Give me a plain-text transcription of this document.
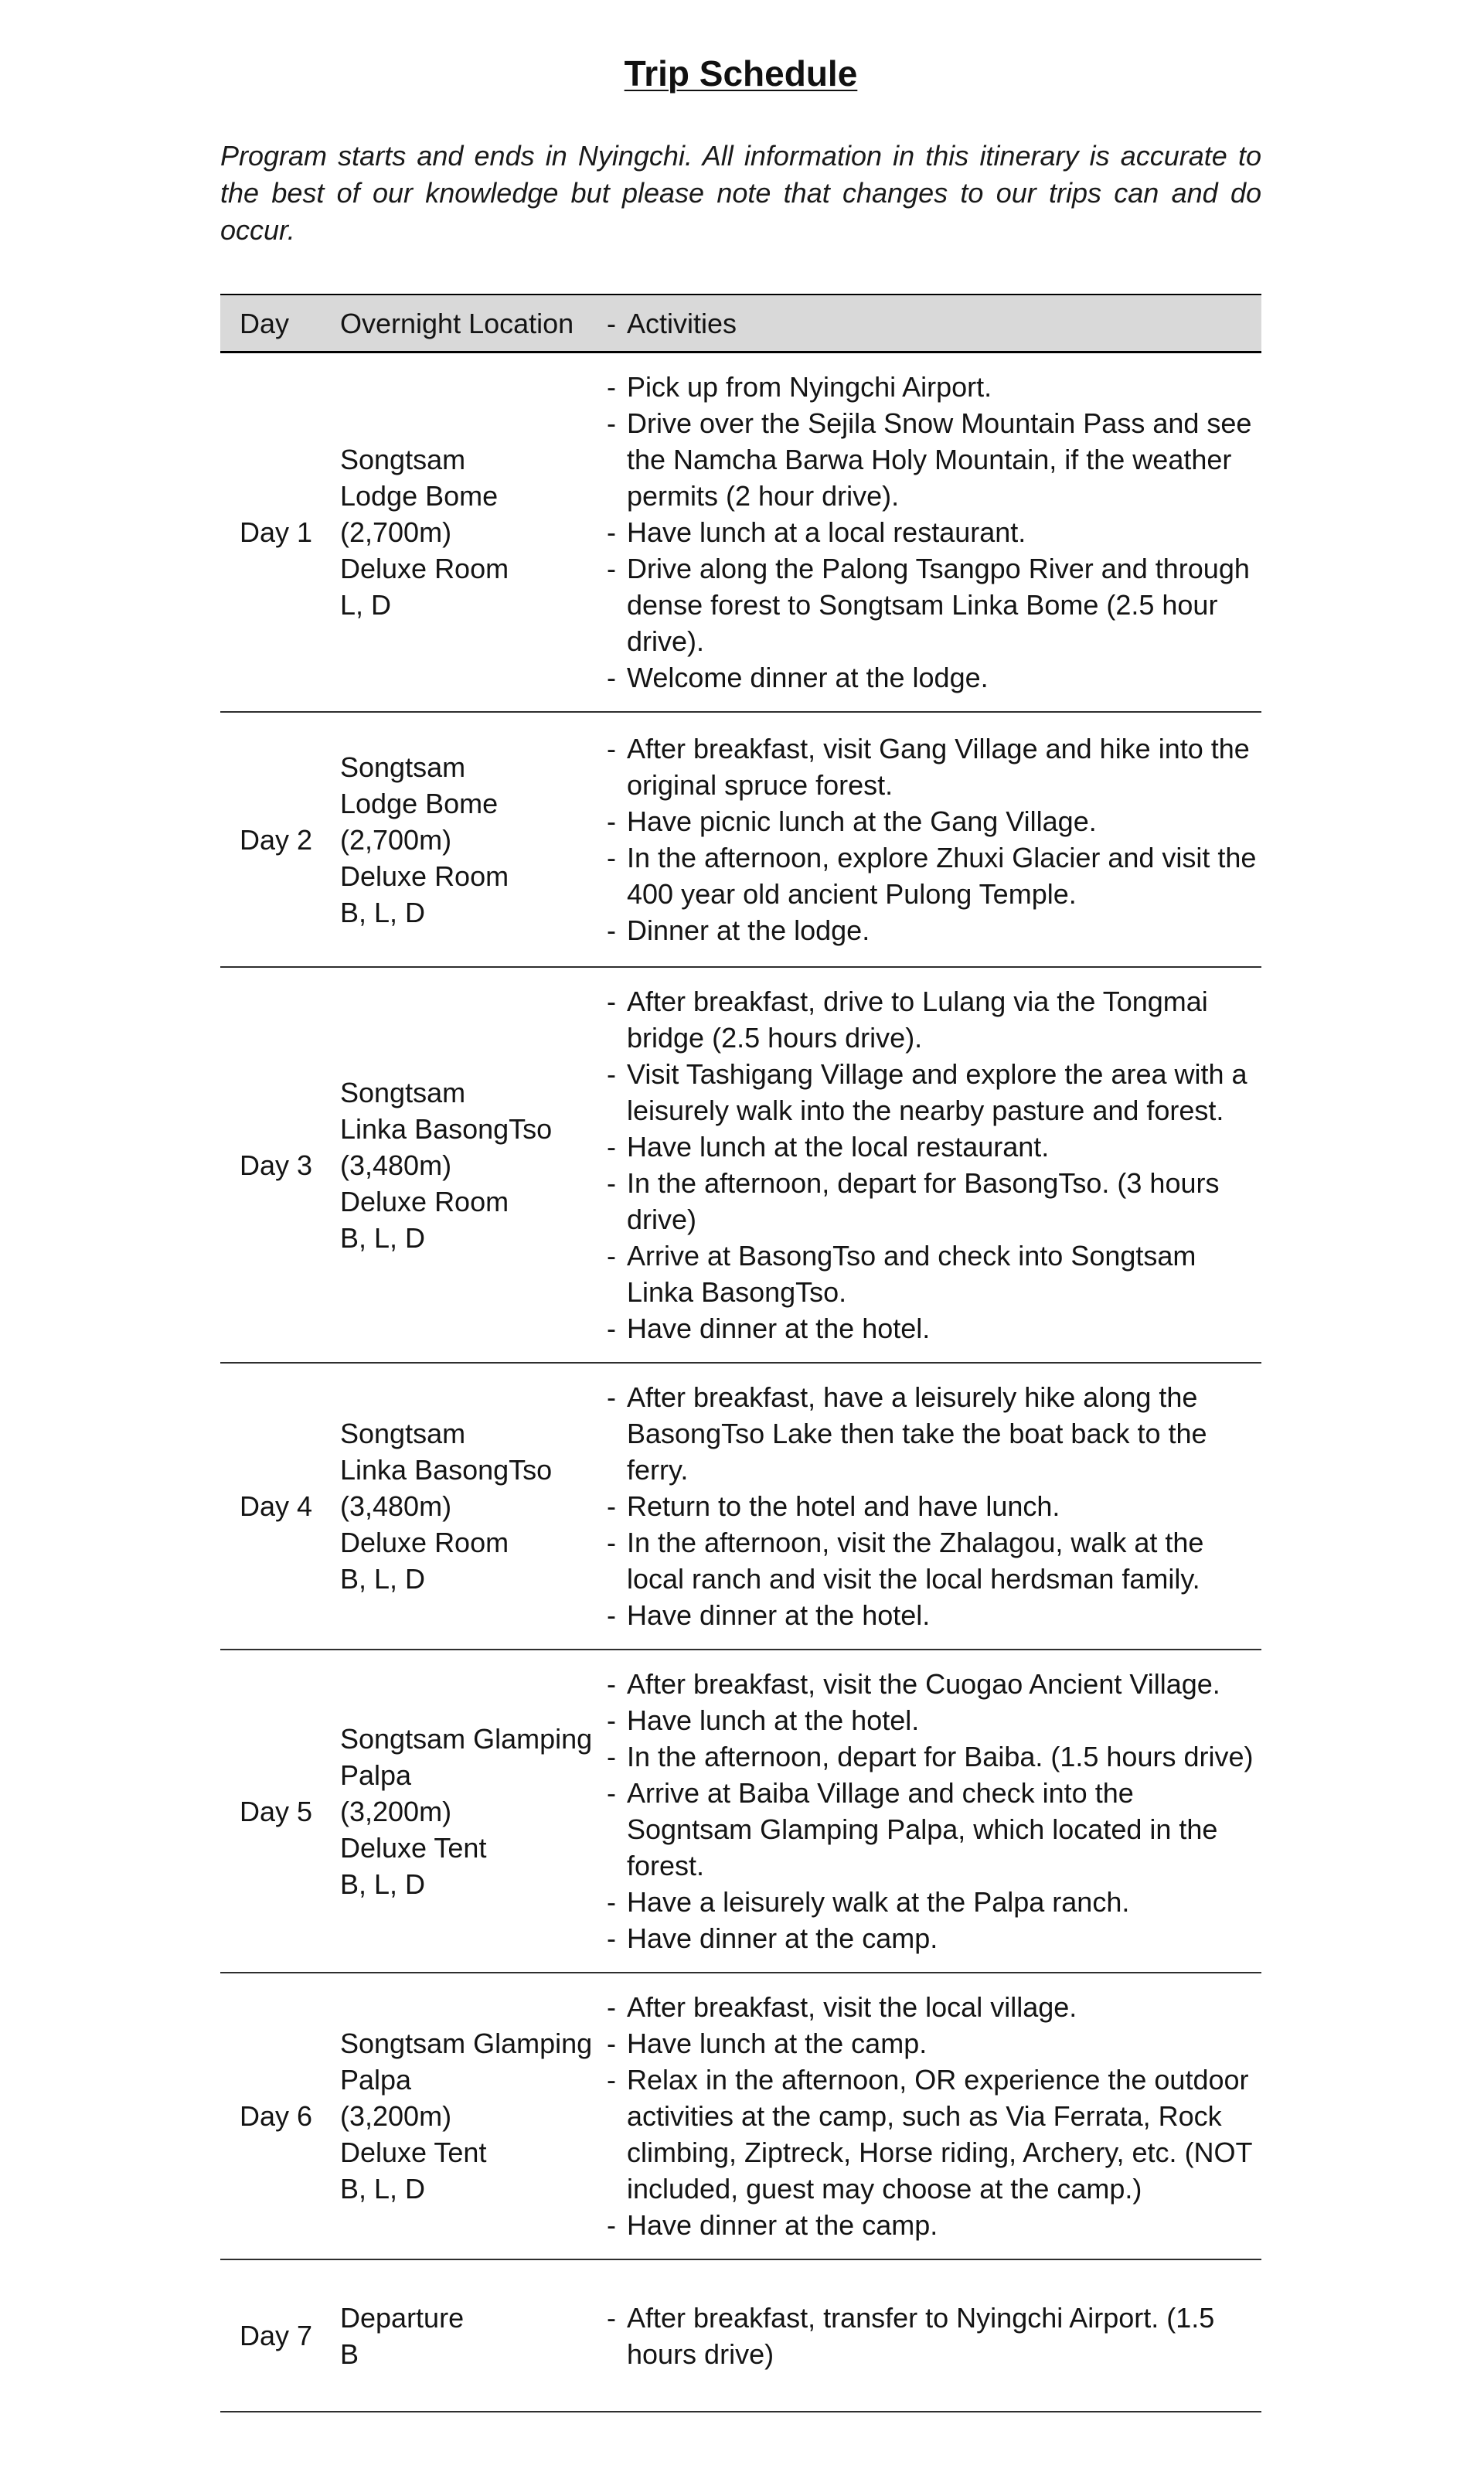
Trip Schedule

Program starts and ends in Nyingchi. All information in this itinerary is accurate to the best of our knowledge but please note that changes to our trips can and do occur.

Day	Overnight Location	- Activities
Day 1
Songtsam
Lodge Bome
(2,700m)
Deluxe Room
L, D
- Pick up from Nyingchi Airport.
- Drive over the Sejila Snow Mountain Pass and see the Namcha Barwa Holy Mountain, if the weather permits (2 hour drive).
- Have lunch at a local restaurant.
- Drive along the Palong Tsangpo River and through dense forest to Songtsam Linka Bome (2.5 hour drive).
- Welcome dinner at the lodge.
Day 2
Songtsam
Lodge Bome
(2,700m)
Deluxe Room
B, L, D
- After breakfast, visit Gang Village and hike into the original spruce forest.
- Have picnic lunch at the Gang Village.
- In the afternoon, explore Zhuxi Glacier and visit the 400 year old ancient Pulong Temple.
- Dinner at the lodge.
Day 3
Songtsam
Linka BasongTso
(3,480m)
Deluxe Room
B, L, D
- After breakfast, drive to Lulang via the Tongmai bridge (2.5 hours drive).
- Visit Tashigang Village and explore the area with a leisurely walk into the nearby pasture and forest.
- Have lunch at the local restaurant.
- In the afternoon, depart for BasongTso. (3 hours drive)
- Arrive at BasongTso and check into Songtsam Linka BasongTso.
- Have dinner at the hotel.
Day 4
Songtsam
Linka BasongTso
(3,480m)
Deluxe Room
B, L, D
- After breakfast, have a leisurely hike along the BasongTso Lake then take the boat back to the ferry.
- Return to the hotel and have lunch.
- In the afternoon, visit the Zhalagou, walk at the local ranch and visit the local herdsman family.
- Have dinner at the hotel.
Day 5
Songtsam Glamping
Palpa
(3,200m)
Deluxe Tent
B, L, D
- After breakfast, visit the Cuogao Ancient Village.
- Have lunch at the hotel.
- In the afternoon, depart for Baiba. (1.5 hours drive)
- Arrive at Baiba Village and check into the Sogntsam Glamping Palpa, which located in the forest.
- Have a leisurely walk at the Palpa ranch.
- Have dinner at the camp.
Day 6
Songtsam Glamping
Palpa
(3,200m)
Deluxe Tent
B, L, D
- After breakfast, visit the local village.
- Have lunch at the camp.
- Relax in the afternoon, OR experience the outdoor activities at the camp, such as Via Ferrata, Rock climbing, Ziptreck, Horse riding, Archery, etc. (NOT included, guest may choose at the camp.)
- Have dinner at the camp.
Day 7
Departure
B
- After breakfast, transfer to Nyingchi Airport. (1.5 hours drive)
